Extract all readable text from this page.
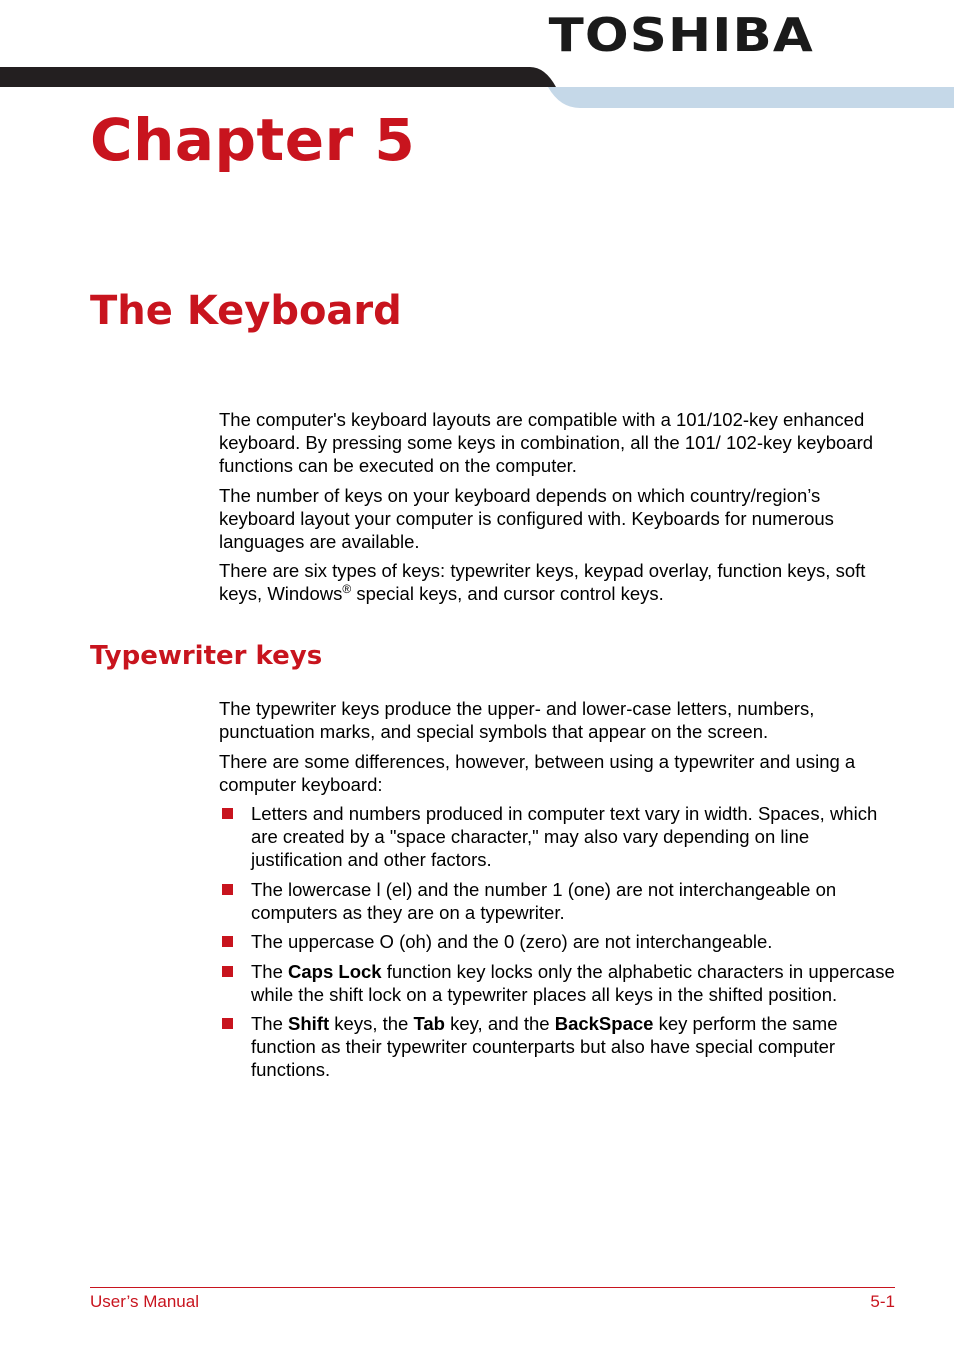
TOSHIBA
Chapter 5
The Keyboard

The computer's keyboard layouts are compatible with a 101/102-key enhanced keyboard. By pressing some keys in combination, all the 101/ 102-key keyboard functions can be executed on the computer.

The number of keys on your keyboard depends on which country/region’s keyboard layout your computer is configured with. Keyboards for numerous languages are available.

There are six types of keys: typewriter keys, keypad overlay, function keys, soft keys, Windows® special keys, and cursor control keys.

Typewriter keys

The typewriter keys produce the upper- and lower-case letters, numbers, punctuation marks, and special symbols that appear on the screen.

There are some differences, however, between using a typewriter and using a computer keyboard:

Letters and numbers produced in computer text vary in width. Spaces, which are created by a "space character," may also vary depending on line justification and other factors.
The lowercase l (el) and the number 1 (one) are not interchangeable on computers as they are on a typewriter.
The uppercase O (oh) and the 0 (zero) are not interchangeable.
The Caps Lock function key locks only the alphabetic characters in uppercase while the shift lock on a typewriter places all keys in the shifted position.
The Shift keys, the Tab key, and the BackSpace key perform the same function as their typewriter counterparts but also have special computer functions.
User’s Manual	5-1
